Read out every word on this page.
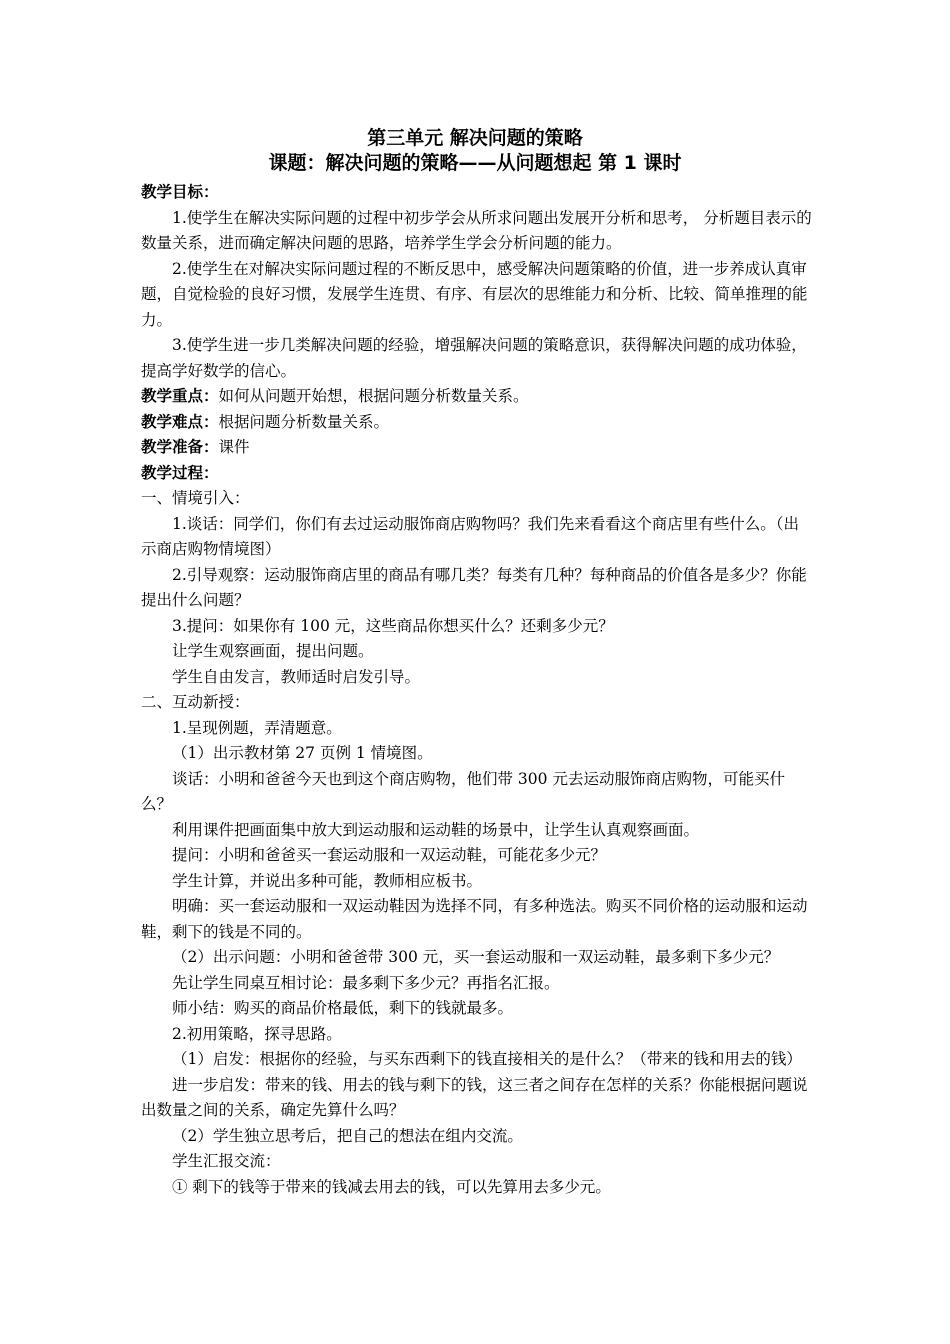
第三单元 解决问题的策略
课题：解决问题的策略——从问题想起 第 1 课时

教学目标：

1.使学生在解决实际问题的过程中初步学会从所求问题出发展开分析和思考， 分析题目表示的数量关系，进而确定解决问题的思路，培养学生学会分析问题的能力。

2.使学生在对解决实际问题过程的不断反思中，感受解决问题策略的价值，进一步养成认真审题，自觉检验的良好习惯，发展学生连贯、有序、有层次的思维能力和分析、比较、简单推理的能力。

3.使学生进一步几类解决问题的经验，增强解决问题的策略意识，获得解决问题的成功体验，提高学好数学的信心。

教学重点：如何从问题开始想，根据问题分析数量关系。

教学难点：根据问题分析数量关系。

教学准备：课件

教学过程：

一、情境引入：

1.谈话：同学们，你们有去过运动服饰商店购物吗？我们先来看看这个商店里有些什么。（出示商店购物情境图）

2.引导观察：运动服饰商店里的商品有哪几类？每类有几种？每种商品的价值各是多少？你能提出什么问题？

3.提问：如果你有 100 元，这些商品你想买什么？还剩多少元？

让学生观察画面，提出问题。

学生自由发言，教师适时启发引导。

二、互动新授：

1.呈现例题，弄清题意。

（1）出示教材第 27 页例 1 情境图。

谈话：小明和爸爸今天也到这个商店购物，他们带 300 元去运动服饰商店购物，可能买什么？

利用课件把画面集中放大到运动服和运动鞋的场景中，让学生认真观察画面。

提问：小明和爸爸买一套运动服和一双运动鞋，可能花多少元？

学生计算，并说出多种可能，教师相应板书。

明确：买一套运动服和一双运动鞋因为选择不同，有多种选法。购买不同价格的运动服和运动鞋，剩下的钱是不同的。

（2）出示问题：小明和爸爸带 300 元，买一套运动服和一双运动鞋，最多剩下多少元？

先让学生同桌互相讨论：最多剩下多少元？再指名汇报。

师小结：购买的商品价格最低，剩下的钱就最多。

2.初用策略，探寻思路。

（1）启发：根据你的经验，与买东西剩下的钱直接相关的是什么？（带来的钱和用去的钱）

进一步启发：带来的钱、用去的钱与剩下的钱，这三者之间存在怎样的关系？你能根据问题说出数量之间的关系，确定先算什么吗？

（2）学生独立思考后，把自己的想法在组内交流。

学生汇报交流：

① 剩下的钱等于带来的钱减去用去的钱，可以先算用去多少元。
